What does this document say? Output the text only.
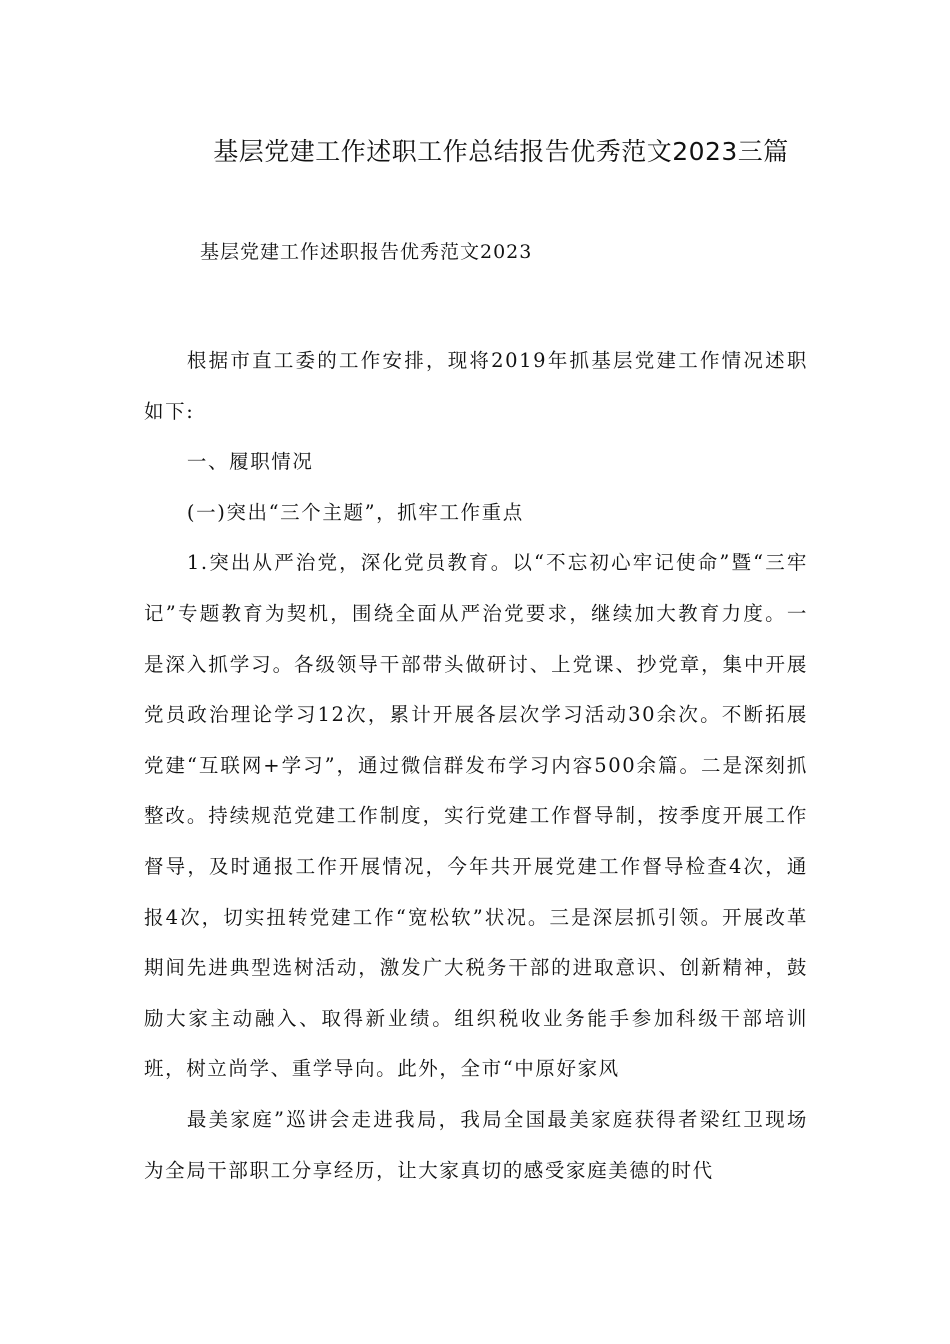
基层党建工作述职工作总结报告优秀范文2023三篇
基层党建工作述职报告优秀范文2023

根据市直工委的工作安排，现将2019年抓基层党建工作情况述职如下:

一、履职情况

(一)突出“三个主题”，抓牢工作重点

1.突出从严治党，深化党员教育。以“不忘初心牢记使命”暨“三牢记”专题教育为契机，围绕全面从严治党要求，继续加大教育力度。一是深入抓学习。各级领导干部带头做研讨、上党课、抄党章，集中开展党员政治理论学习12次，累计开展各层次学习活动30余次。不断拓展党建“互联网+学习”，通过微信群发布学习内容500余篇。二是深刻抓整改。持续规范党建工作制度，实行党建工作督导制，按季度开展工作督导，及时通报工作开展情况，今年共开展党建工作督导检查4次，通报4次，切实扭转党建工作“宽松软”状况。三是深层抓引领。开展改革期间先进典型选树活动，激发广大税务干部的进取意识、创新精神，鼓励大家主动融入、取得新业绩。组织税收业务能手参加科级干部培训班，树立尚学、重学导向。此外，全市“中原好家风

最美家庭”巡讲会走进我局，我局全国最美家庭获得者梁红卫现场为全局干部职工分享经历，让大家真切的感受家庭美德的时代
